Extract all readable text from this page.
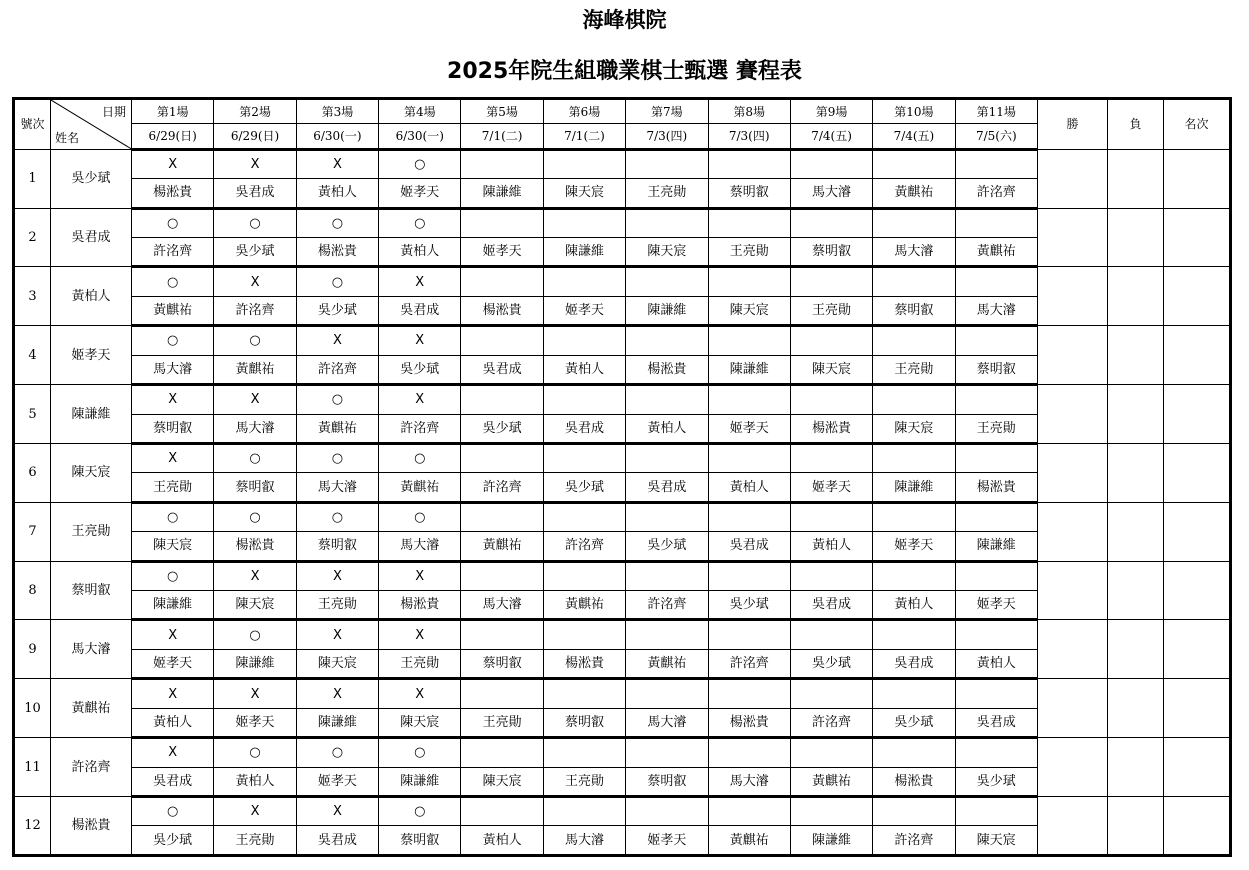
海峰棋院
2025年院生組職業棋士甄選 賽程表
號次	日期
姓名	第1場	第2場	第3場	第4場	第5場	第6場	第7場	第8場	第9場	第10場	第11場	勝	負	名次
		6/29(日)	6/29(日)	6/30(一)	6/30(一)	7/1(二)	7/1(二)	7/3(四)	7/3(四)	7/4(五)	7/4(五)	7/5(六)			
1	吳少珷	X	X	X	○										
		楊淞貴	吳君成	黃柏人	姬孝天	陳謙維	陳天宸	王亮勛	蔡明叡	馬大濬	黃麒祐	許洺齊			
2	吳君成	○	○	○	○										
		許洺齊	吳少珷	楊淞貴	黃柏人	姬孝天	陳謙維	陳天宸	王亮勛	蔡明叡	馬大濬	黃麒祐			
3	黃柏人	○	X	○	X										
		黃麒祐	許洺齊	吳少珷	吳君成	楊淞貴	姬孝天	陳謙維	陳天宸	王亮勛	蔡明叡	馬大濬			
4	姬孝天	○	○	X	X										
		馬大濬	黃麒祐	許洺齊	吳少珷	吳君成	黃柏人	楊淞貴	陳謙維	陳天宸	王亮勛	蔡明叡			
5	陳謙維	X	X	○	X										
		蔡明叡	馬大濬	黃麒祐	許洺齊	吳少珷	吳君成	黃柏人	姬孝天	楊淞貴	陳天宸	王亮勛			
6	陳天宸	X	○	○	○										
		王亮勛	蔡明叡	馬大濬	黃麒祐	許洺齊	吳少珷	吳君成	黃柏人	姬孝天	陳謙維	楊淞貴			
7	王亮勛	○	○	○	○										
		陳天宸	楊淞貴	蔡明叡	馬大濬	黃麒祐	許洺齊	吳少珷	吳君成	黃柏人	姬孝天	陳謙維			
8	蔡明叡	○	X	X	X										
		陳謙維	陳天宸	王亮勛	楊淞貴	馬大濬	黃麒祐	許洺齊	吳少珷	吳君成	黃柏人	姬孝天			
9	馬大濬	X	○	X	X										
		姬孝天	陳謙維	陳天宸	王亮勛	蔡明叡	楊淞貴	黃麒祐	許洺齊	吳少珷	吳君成	黃柏人			
10	黃麒祐	X	X	X	X										
		黃柏人	姬孝天	陳謙維	陳天宸	王亮勛	蔡明叡	馬大濬	楊淞貴	許洺齊	吳少珷	吳君成			
11	許洺齊	X	○	○	○										
		吳君成	黃柏人	姬孝天	陳謙維	陳天宸	王亮勛	蔡明叡	馬大濬	黃麒祐	楊淞貴	吳少珷			
12	楊淞貴	○	X	X	○										
		吳少珷	王亮勛	吳君成	蔡明叡	黃柏人	馬大濬	姬孝天	黃麒祐	陳謙維	許洺齊	陳天宸			
